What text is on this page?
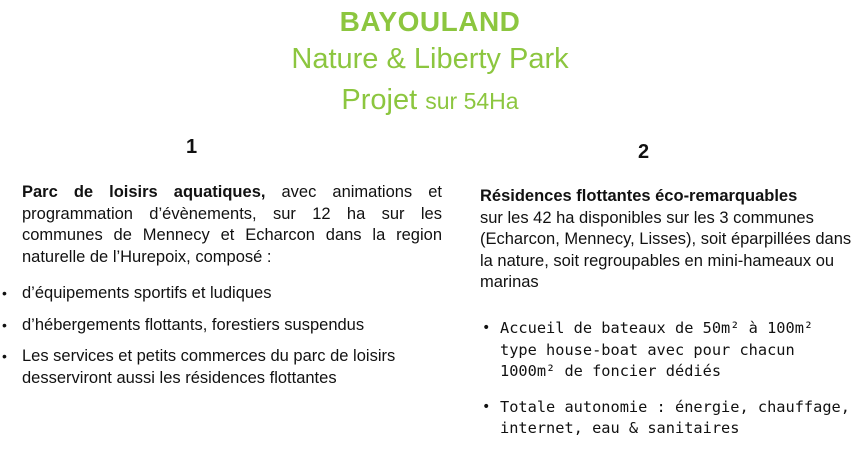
BAYOULAND
Nature & Liberty Park
Projet sur 54Ha
1	2

Parc de loisirs aquatiques, avec animations et programmation d’évènements, sur 12 ha sur les communes de Mennecy et Echarcon dans la region naturelle de l’Hurepoix, composé :

• d’équipements sportifs et ludiques
• d’hébergements flottants, forestiers suspendus
• Les services et petits commerces du parc de loisirs desserviront aussi les résidences flottantes

Résidences flottantes éco-remarquables
sur les 42 ha disponibles sur les 3 communes (Echarcon, Mennecy, Lisses), soit éparpillées dans la nature, soit regroupables en mini-hameaux ou marinas

• Accueil de bateaux de 50m² à 100m² type house-boat avec pour chacun 1000m² de foncier dédiés
• Totale autonomie : énergie, chauffage, internet, eau & sanitaires
